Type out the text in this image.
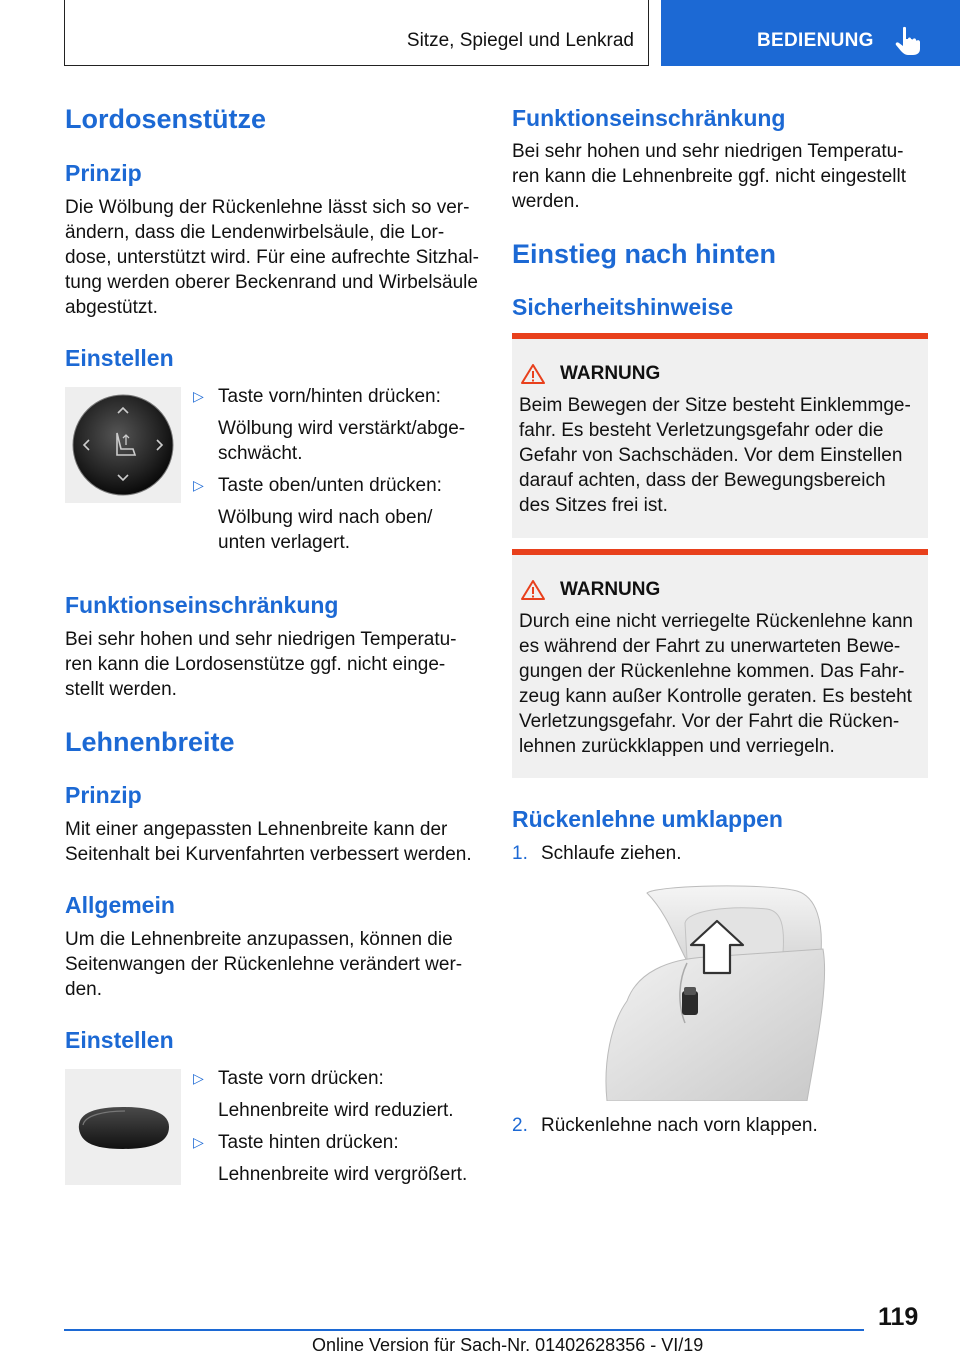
Sitze, Spiegel und Lenkrad	BEDIENUNG
Lordosenstütze
Prinzip
Die Wölbung der Rückenlehne lässt sich so ver‐
ändern, dass die Lendenwirbelsäule, die Lor‐
dose, unterstützt wird. Für eine aufrechte Sitzhal‐
tung werden oberer Beckenrand und Wirbelsäule
abgestützt.
Einstellen
▷ Taste vorn/hinten drücken:
Wölbung wird verstärkt/abge‐
schwächt.
▷ Taste oben/unten drücken:
Wölbung wird nach oben/
unten verlagert.
Funktionseinschränkung
Bei sehr hohen und sehr niedrigen Temperatu‐
ren kann die Lordosenstütze ggf. nicht einge‐
stellt werden.
Lehnenbreite
Prinzip
Mit einer angepassten Lehnenbreite kann der
Seitenhalt bei Kurvenfahrten verbessert werden.
Allgemein
Um die Lehnenbreite anzupassen, können die
Seitenwangen der Rückenlehne verändert wer‐
den.
Einstellen
▷ Taste vorn drücken:
Lehnenbreite wird reduziert.
▷ Taste hinten drücken:
Lehnenbreite wird vergrößert.
Funktionseinschränkung
Bei sehr hohen und sehr niedrigen Temperatu‐
ren kann die Lehnenbreite ggf. nicht eingestellt
werden.
Einstieg nach hinten
Sicherheitshinweise
WARNUNG
Beim Bewegen der Sitze besteht Einklemmge‐
fahr. Es besteht Verletzungsgefahr oder die
Gefahr von Sachschäden. Vor dem Einstellen
darauf achten, dass der Bewegungsbereich
des Sitzes frei ist.
WARNUNG
Durch eine nicht verriegelte Rückenlehne kann
es während der Fahrt zu unerwarteten Bewe‐
gungen der Rückenlehne kommen. Das Fahr‐
zeug kann außer Kontrolle geraten. Es besteht
Verletzungsgefahr. Vor der Fahrt die Rücken‐
lehnen zurückklappen und verriegeln.
Rückenlehne umklappen
1. Schlaufe ziehen.
2. Rückenlehne nach vorn klappen.
119
Online Version für Sach-Nr. 01402628356 - VI/19
